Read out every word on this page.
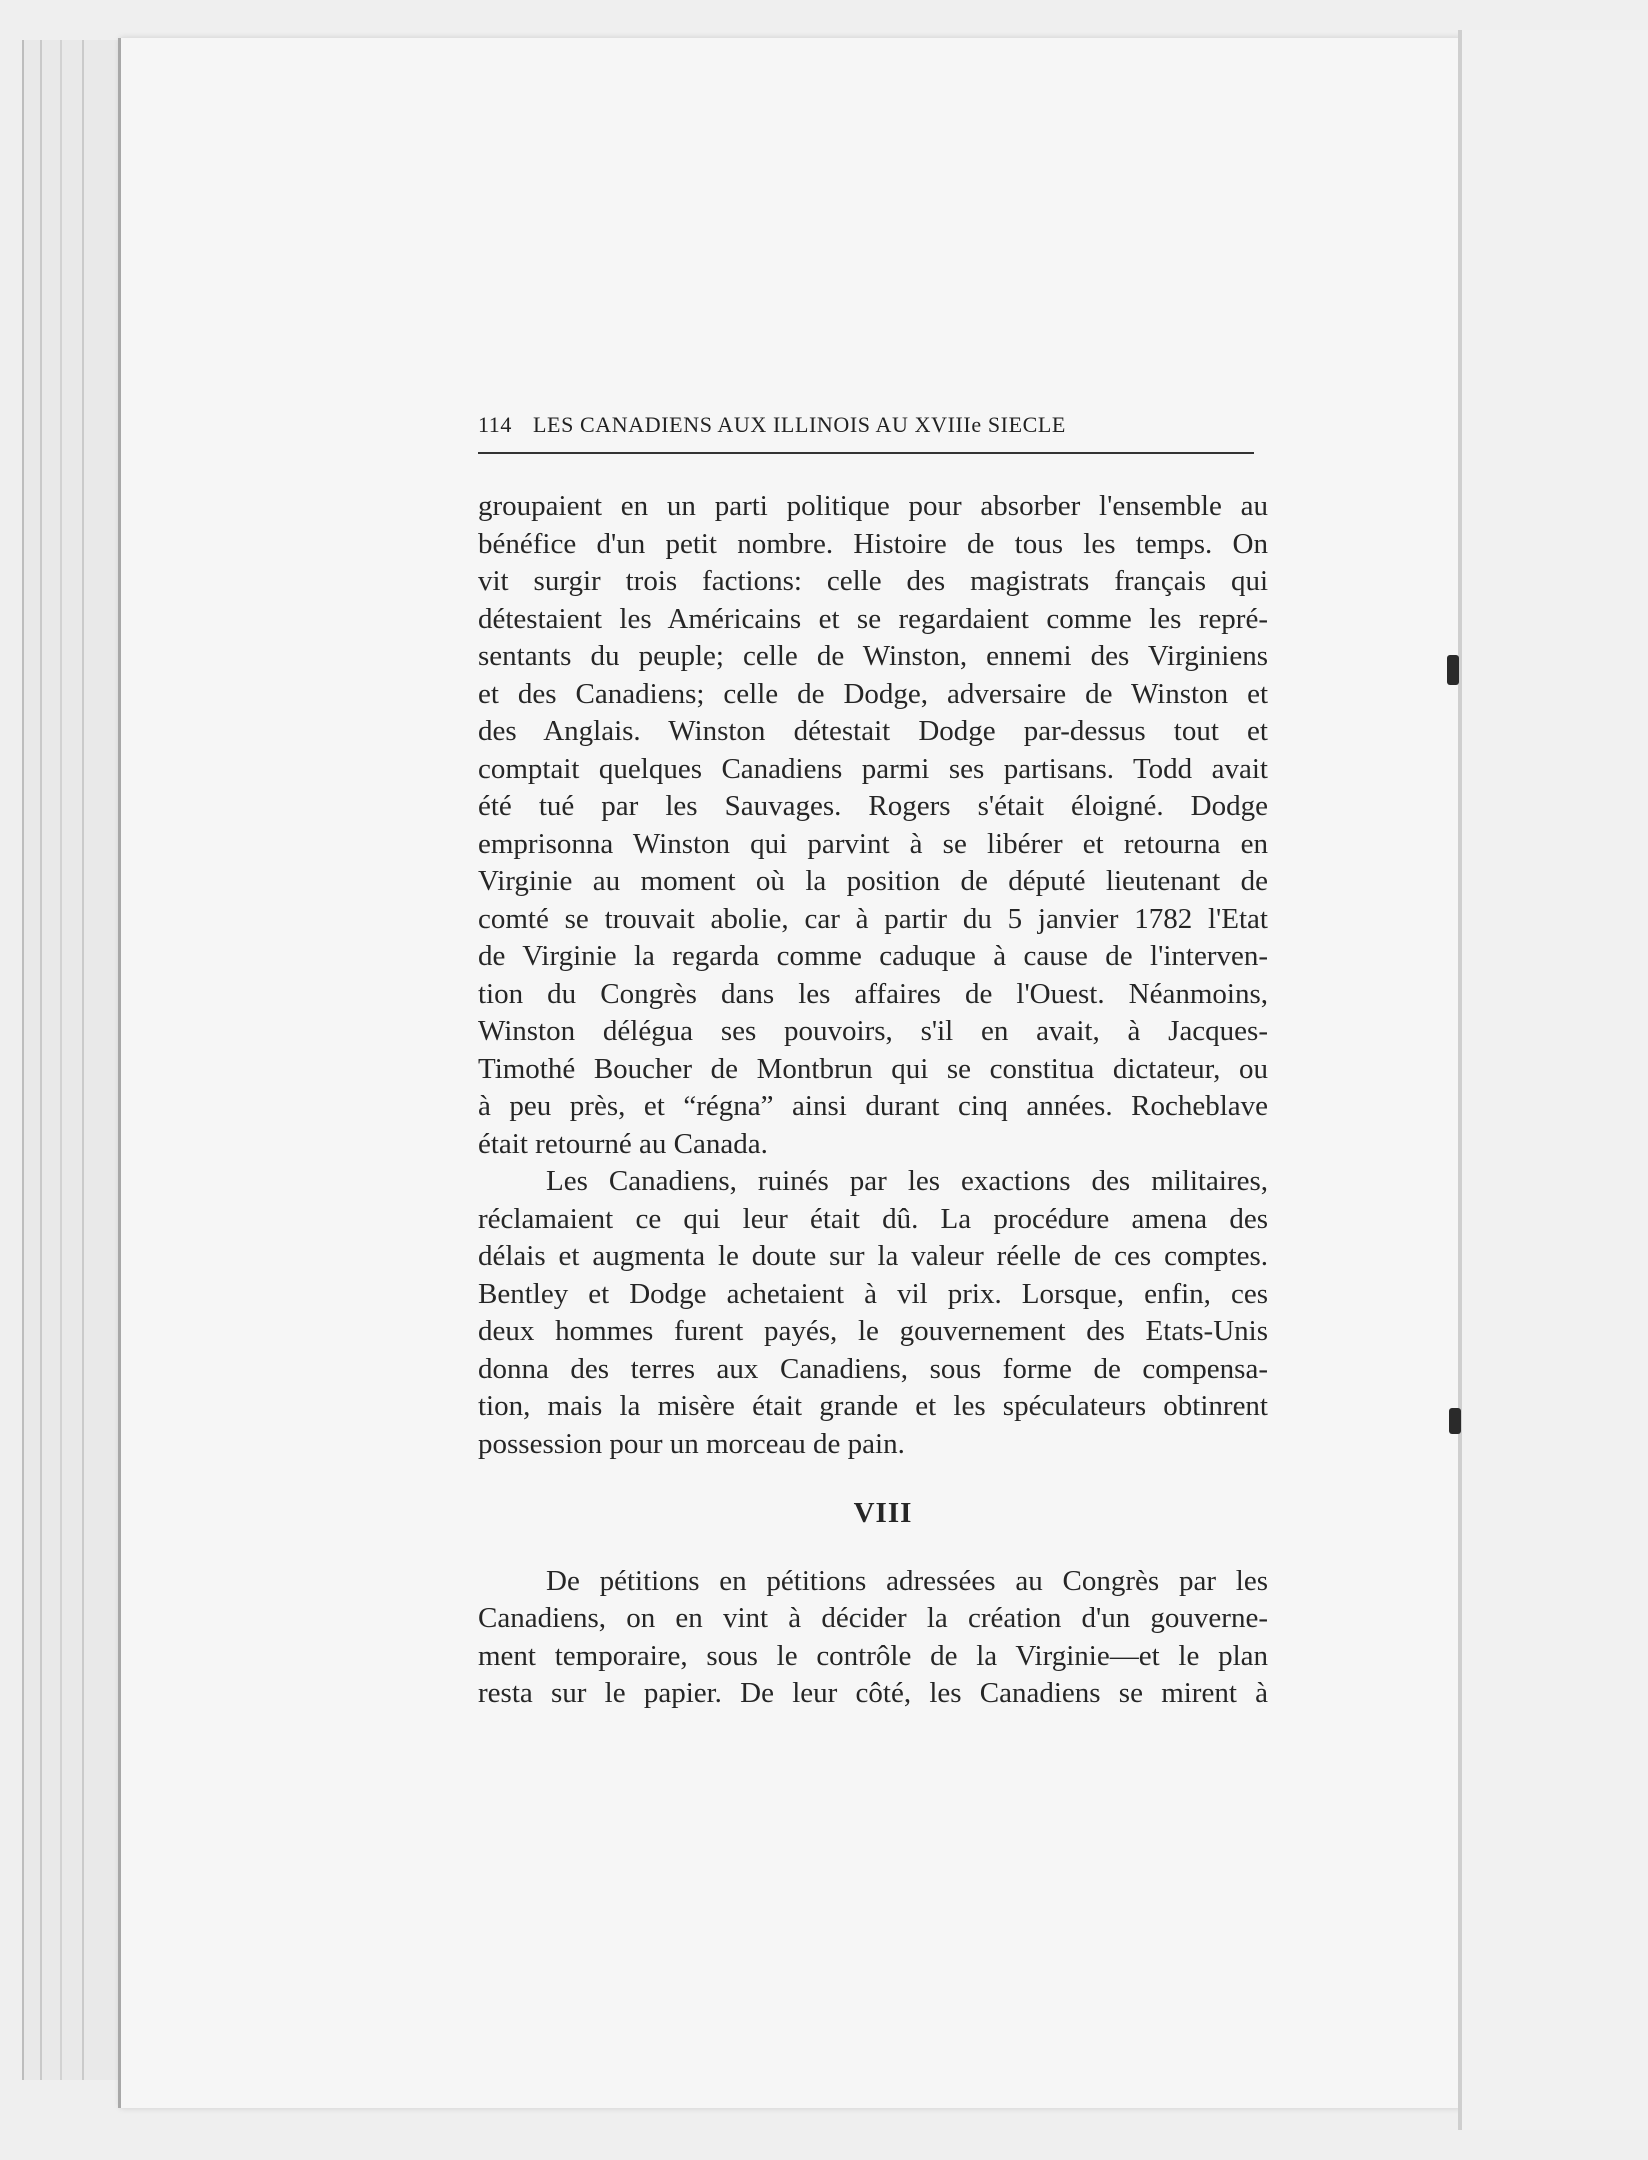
114 LES CANADIENS AUX ILLINOIS AU XVIIIe SIECLE
groupaient en un parti politique pour absorber l'ensemble au
bénéfice d'un petit nombre. Histoire de tous les temps. On
vit surgir trois factions: celle des magistrats français qui
détestaient les Américains et se regardaient comme les repré-
sentants du peuple; celle de Winston, ennemi des Virginiens
et des Canadiens; celle de Dodge, adversaire de Winston et
des Anglais. Winston détestait Dodge par-dessus tout et
comptait quelques Canadiens parmi ses partisans. Todd avait
été tué par les Sauvages. Rogers s'était éloigné. Dodge
emprisonna Winston qui parvint à se libérer et retourna en
Virginie au moment où la position de député lieutenant de
comté se trouvait abolie, car à partir du 5 janvier 1782 l'Etat
de Virginie la regarda comme caduque à cause de l'interven-
tion du Congrès dans les affaires de l'Ouest. Néanmoins,
Winston délégua ses pouvoirs, s'il en avait, à Jacques-
Timothé Boucher de Montbrun qui se constitua dictateur, ou
à peu près, et “régna” ainsi durant cinq années. Rocheblave
était retourné au Canada.
Les Canadiens, ruinés par les exactions des militaires,
réclamaient ce qui leur était dû. La procédure amena des
délais et augmenta le doute sur la valeur réelle de ces comptes.
Bentley et Dodge achetaient à vil prix. Lorsque, enfin, ces
deux hommes furent payés, le gouvernement des Etats-Unis
donna des terres aux Canadiens, sous forme de compensa-
tion, mais la misère était grande et les spéculateurs obtinrent
possession pour un morceau de pain.
VIII
De pétitions en pétitions adressées au Congrès par les
Canadiens, on en vint à décider la création d'un gouverne-
ment temporaire, sous le contrôle de la Virginie—et le plan
resta sur le papier. De leur côté, les Canadiens se mirent à
